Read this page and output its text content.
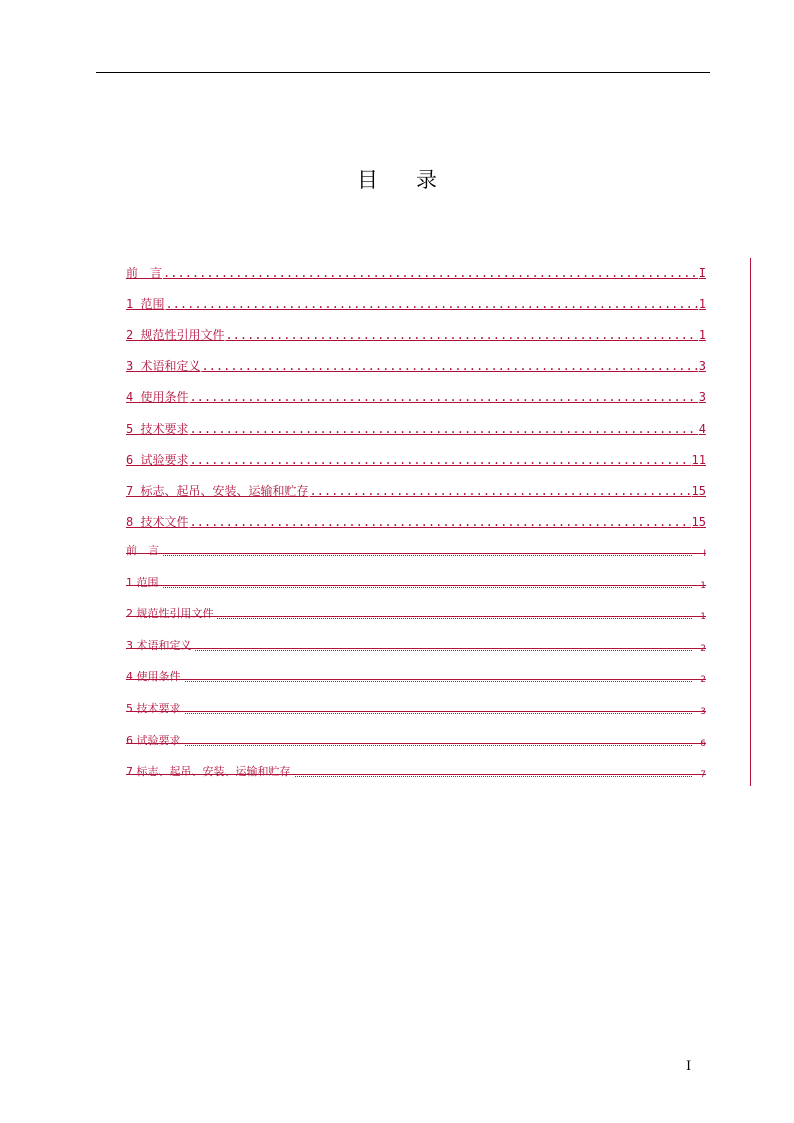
目 录
前　言 .....	I
1 范围 .....	1
2 规范性引用文件 .....	1
3 术语和定义 .....	3
4 使用条件 .....	3
5 技术要求 .....	4
6 试验要求 .....	11
7 标志、起吊、安装、运输和贮存 .....	15
8 技术文件 .....	15
前　言	I
1 范围	1
2 规范性引用文件	1
3 术语和定义	2
4 使用条件	2
5 技术要求	3
6 试验要求	6
7 标志、起吊、安装、运输和贮存	7
I
